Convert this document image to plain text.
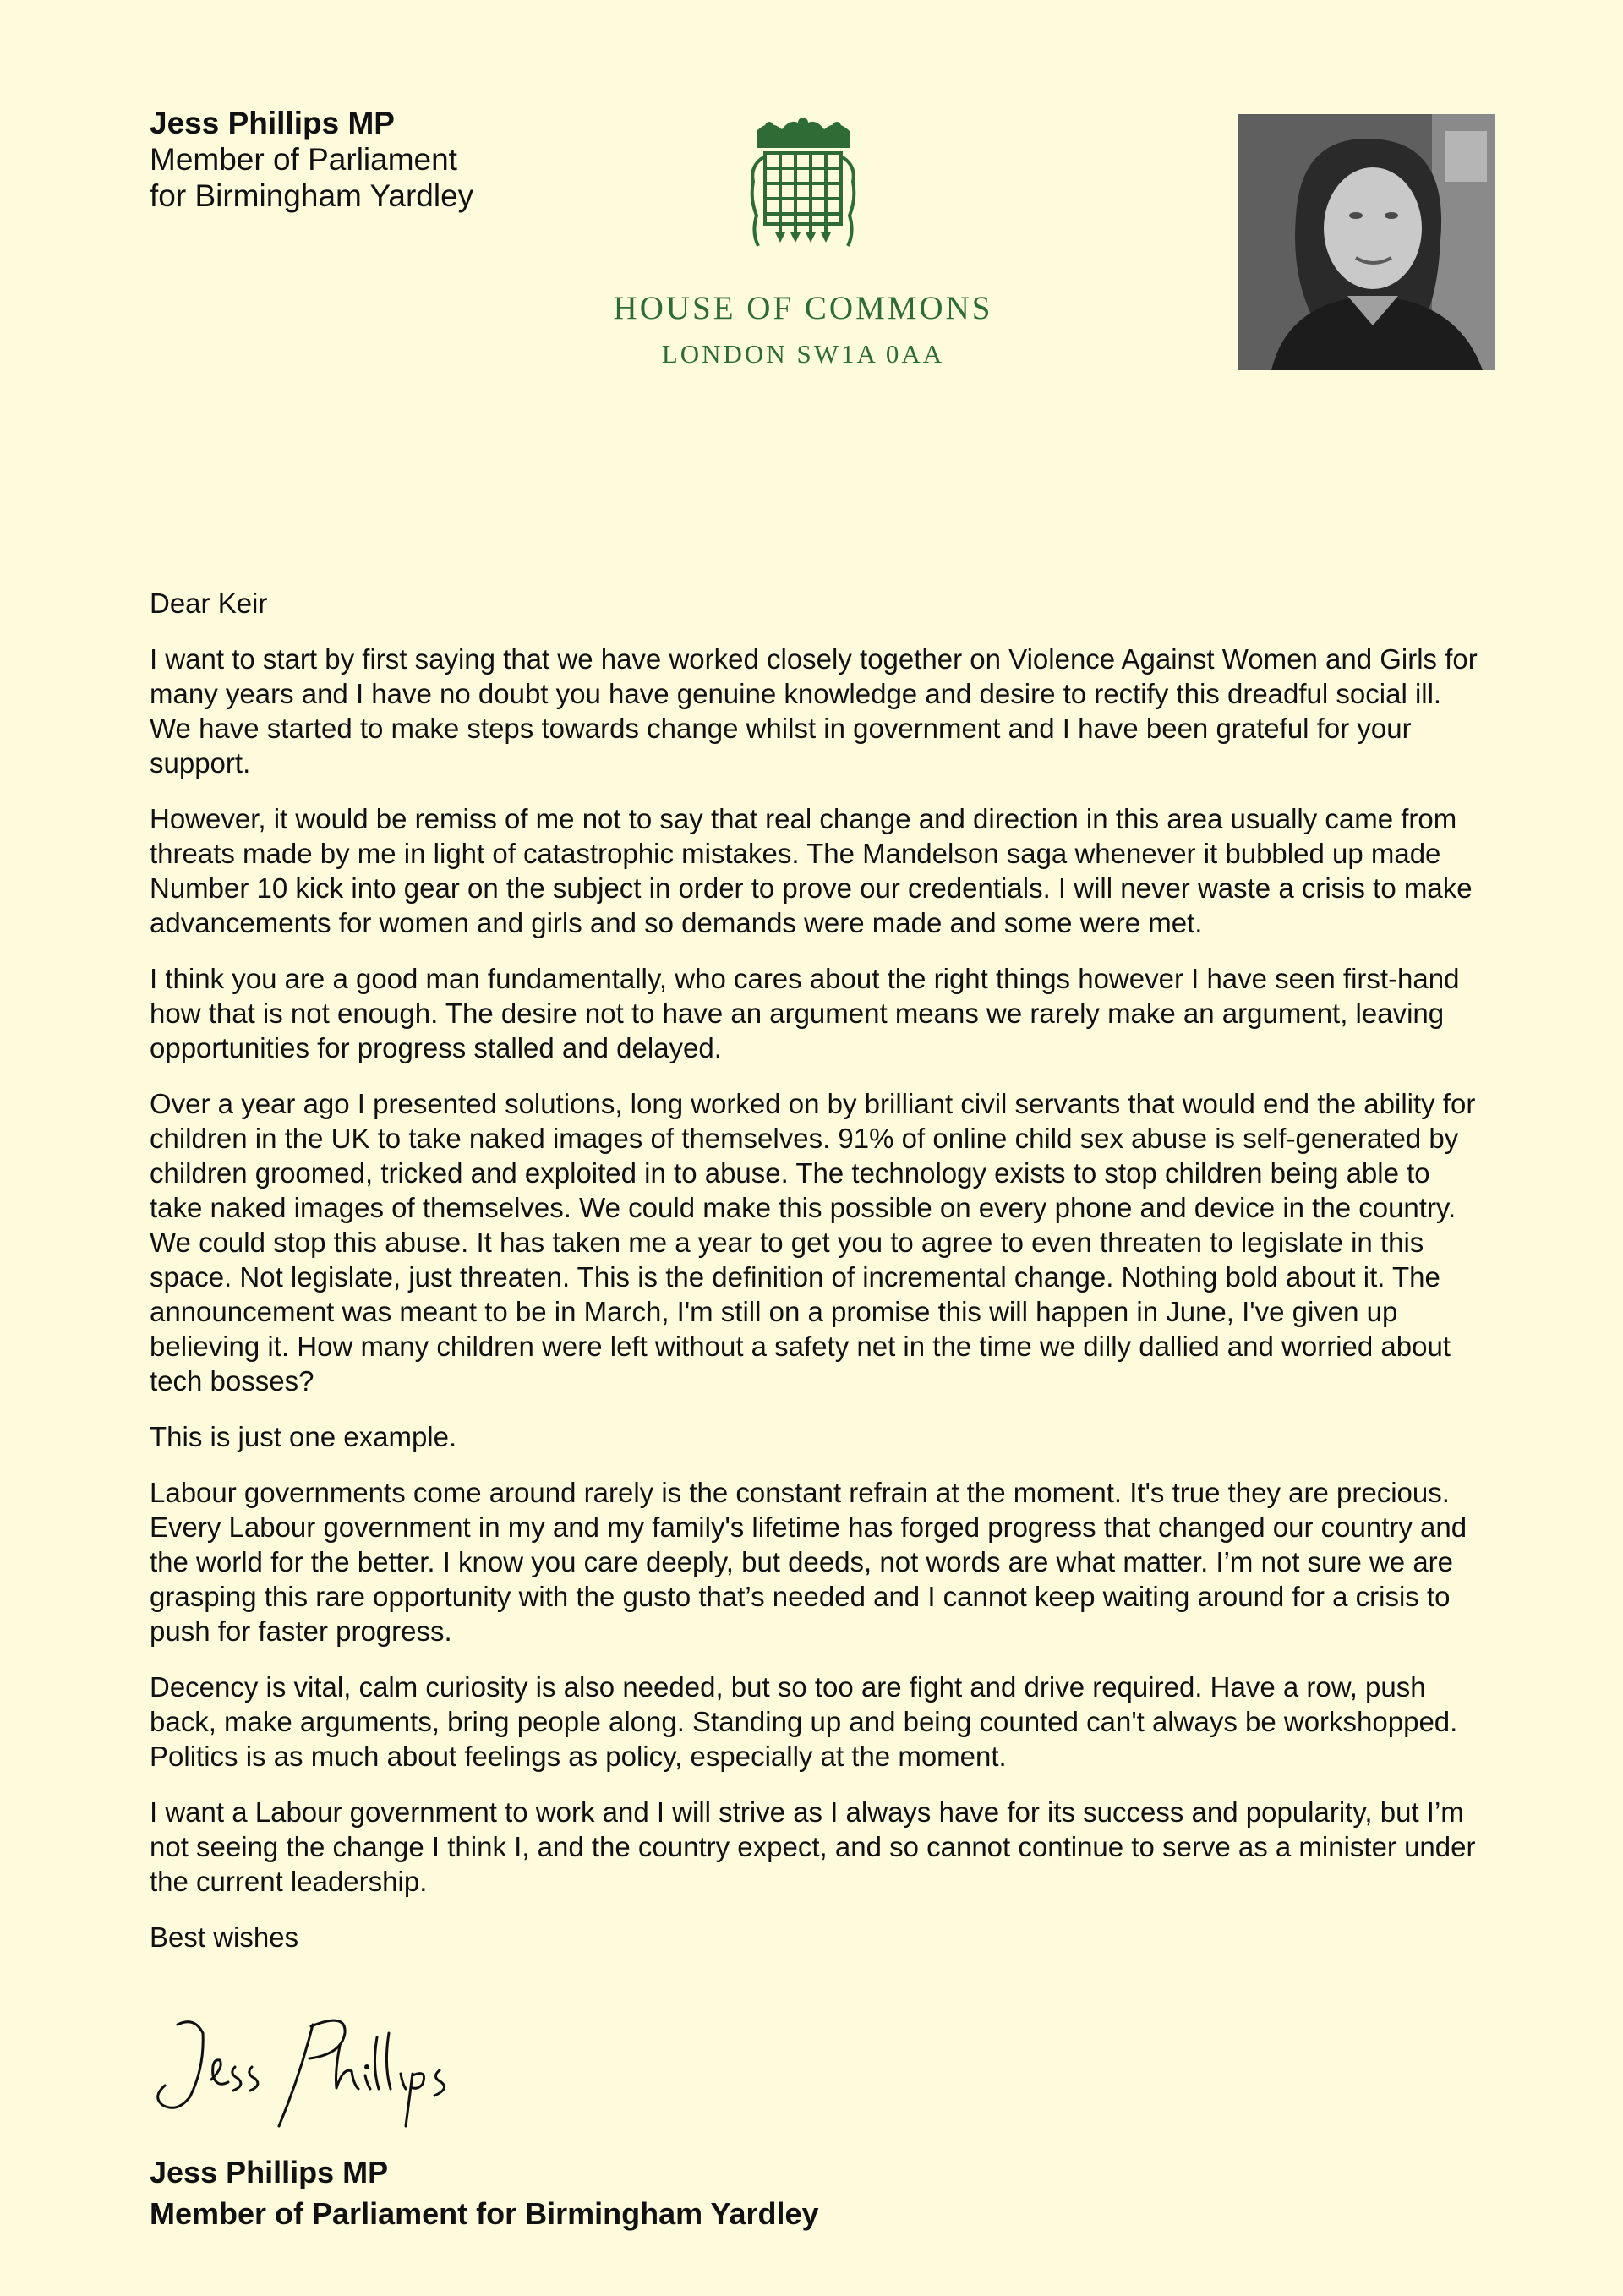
Jess Phillips MP
Member of Parliament
for Birmingham Yardley
HOUSE OF COMMONS
LONDON SW1A 0AA

Dear Keir

I want to start by first saying that we have worked closely together on Violence Against Women and Girls for many years and I have no doubt you have genuine knowledge and desire to rectify this dreadful social ill. We have started to make steps towards change whilst in government and I have been grateful for your support.

However, it would be remiss of me not to say that real change and direction in this area usually came from threats made by me in light of catastrophic mistakes. The Mandelson saga whenever it bubbled up made Number 10 kick into gear on the subject in order to prove our credentials. I will never waste a crisis to make advancements for women and girls and so demands were made and some were met.

I think you are a good man fundamentally, who cares about the right things however I have seen first-hand how that is not enough. The desire not to have an argument means we rarely make an argument, leaving opportunities for progress stalled and delayed.

Over a year ago I presented solutions, long worked on by brilliant civil servants that would end the ability for children in the UK to take naked images of themselves. 91% of online child sex abuse is self-generated by children groomed, tricked and exploited in to abuse. The technology exists to stop children being able to take naked images of themselves. We could make this possible on every phone and device in the country. We could stop this abuse. It has taken me a year to get you to agree to even threaten to legislate in this space. Not legislate, just threaten. This is the definition of incremental change. Nothing bold about it. The announcement was meant to be in March, I'm still on a promise this will happen in June, I've given up believing it. How many children were left without a safety net in the time we dilly dallied and worried about tech bosses?

This is just one example.

Labour governments come around rarely is the constant refrain at the moment. It's true they are precious. Every Labour government in my and my family's lifetime has forged progress that changed our country and the world for the better. I know you care deeply, but deeds, not words are what matter. I’m not sure we are grasping this rare opportunity with the gusto that’s needed and I cannot keep waiting around for a crisis to push for faster progress.

Decency is vital, calm curiosity is also needed, but so too are fight and drive required. Have a row, push back, make arguments, bring people along. Standing up and being counted can't always be workshopped. Politics is as much about feelings as policy, especially at the moment.

I want a Labour government to work and I will strive as I always have for its success and popularity, but I’m not seeing the change I think I, and the country expect, and so cannot continue to serve as a minister under the current leadership.

Best wishes

Jess Phillips MP
Member of Parliament for Birmingham Yardley
